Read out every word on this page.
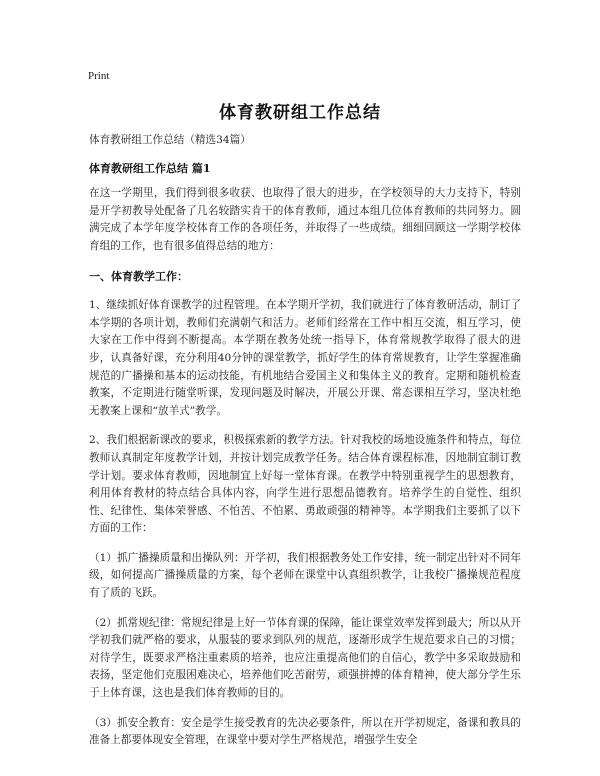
Print
体育教研组工作总结

体育教研组工作总结（精选34篇）

体育教研组工作总结 篇1

在这一学期里，我们得到很多收获、也取得了很大的进步，在学校领导的大力支持下，特别是开学初教导处配备了几名较踏实肯干的体育教师，通过本组几位体育教师的共同努力。圆满完成了本学年度学校体育工作的各项任务，并取得了一些成绩。细细回顾这一学期学校体育组的工作，也有很多值得总结的地方：

一、体育教学工作：

1、继续抓好体育课教学的过程管理。在本学期开学初，我们就进行了体育教研活动，制订了本学期的各项计划，教师们充满朝气和活力。老师们经常在工作中相互交流，相互学习，使大家在工作中得到不断提高。本学期在教务处统一指导下，体育常规教学取得了很大的进步，认真备好课，充分利用40分钟的课堂教学，抓好学生的体育常规教育，让学生掌握准确规范的广播操和基本的运动技能，有机地结合爱国主义和集体主义的教育。定期和随机检查教案，不定期进行随堂听课，发现问题及时解决，开展公开课、常态课相互学习，坚决杜绝无教案上课和“放羊式”教学。

2、我们根据新课改的要求，积极探索新的教学方法。针对我校的场地设施条件和特点，每位教师认真制定年度教学计划，并按计划完成教学任务。结合体育课程标准，因地制宜制订教学计划。要求体育教师，因地制宜上好每一堂体育课。在教学中特别重视学生的思想教育，利用体育教材的特点结合具体内容，向学生进行思想品德教育。培养学生的自觉性、组织性、纪律性、集体荣誉感、不怕苦、不怕累、勇敢顽强的精神等。本学期我们主要抓了以下方面的工作：

（1）抓广播操质量和出操队列：开学初，我们根据教务处工作安排，统一制定出针对不同年级，如何提高广播操质量的方案，每个老师在课堂中认真组织教学，让我校广播操规范程度有了质的飞跃。

（2）抓常规纪律：常规纪律是上好一节体育课的保障，能让课堂效率发挥到最大；所以从开学初我们就严格的要求，从服装的要求到队列的规范，逐渐形成学生规范要求自己的习惯；对待学生，既要求严格注重素质的培养，也应注重提高他们的自信心，教学中多采取鼓励和表扬，坚定他们克服困难决心，培养他们吃苦耐劳，顽强拼搏的体育精神，使大部分学生乐于上体育课，这也是我们体育教师的目的。

（3）抓安全教育：安全是学生接受教育的先决必要条件，所以在开学初规定，备课和教具的准备上都要体现安全管理，在课堂中要对学生严格规范，增强学生安全
